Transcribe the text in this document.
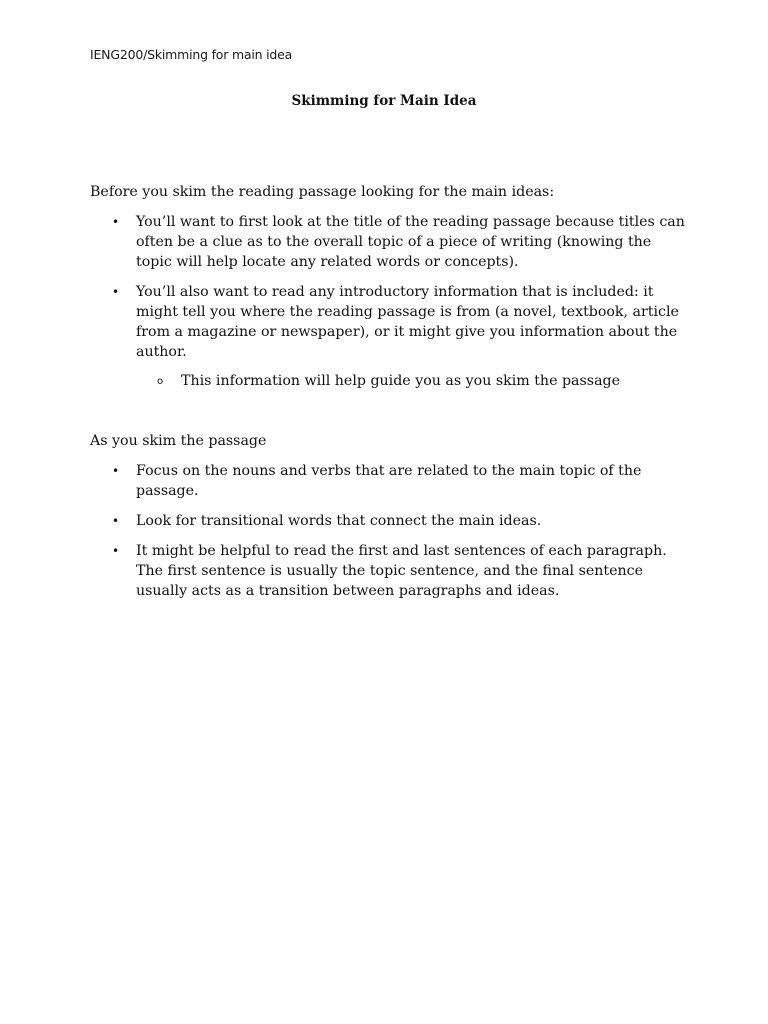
IENG200/Skimming for main idea
Skimming for Main Idea
Before you skim the reading passage looking for the main ideas:
• You’ll want to first look at the title of the reading passage because titles can often be a clue as to the overall topic of a piece of writing (knowing the topic will help locate any related words or concepts).
• You’ll also want to read any introductory information that is included: it might tell you where the reading passage is from (a novel, textbook, article from a magazine or newspaper), or it might give you information about the author.
o This information will help guide you as you skim the passage
As you skim the passage
• Focus on the nouns and verbs that are related to the main topic of the passage.
• Look for transitional words that connect the main ideas.
• It might be helpful to read the first and last sentences of each paragraph. The first sentence is usually the topic sentence, and the final sentence usually acts as a transition between paragraphs and ideas.
